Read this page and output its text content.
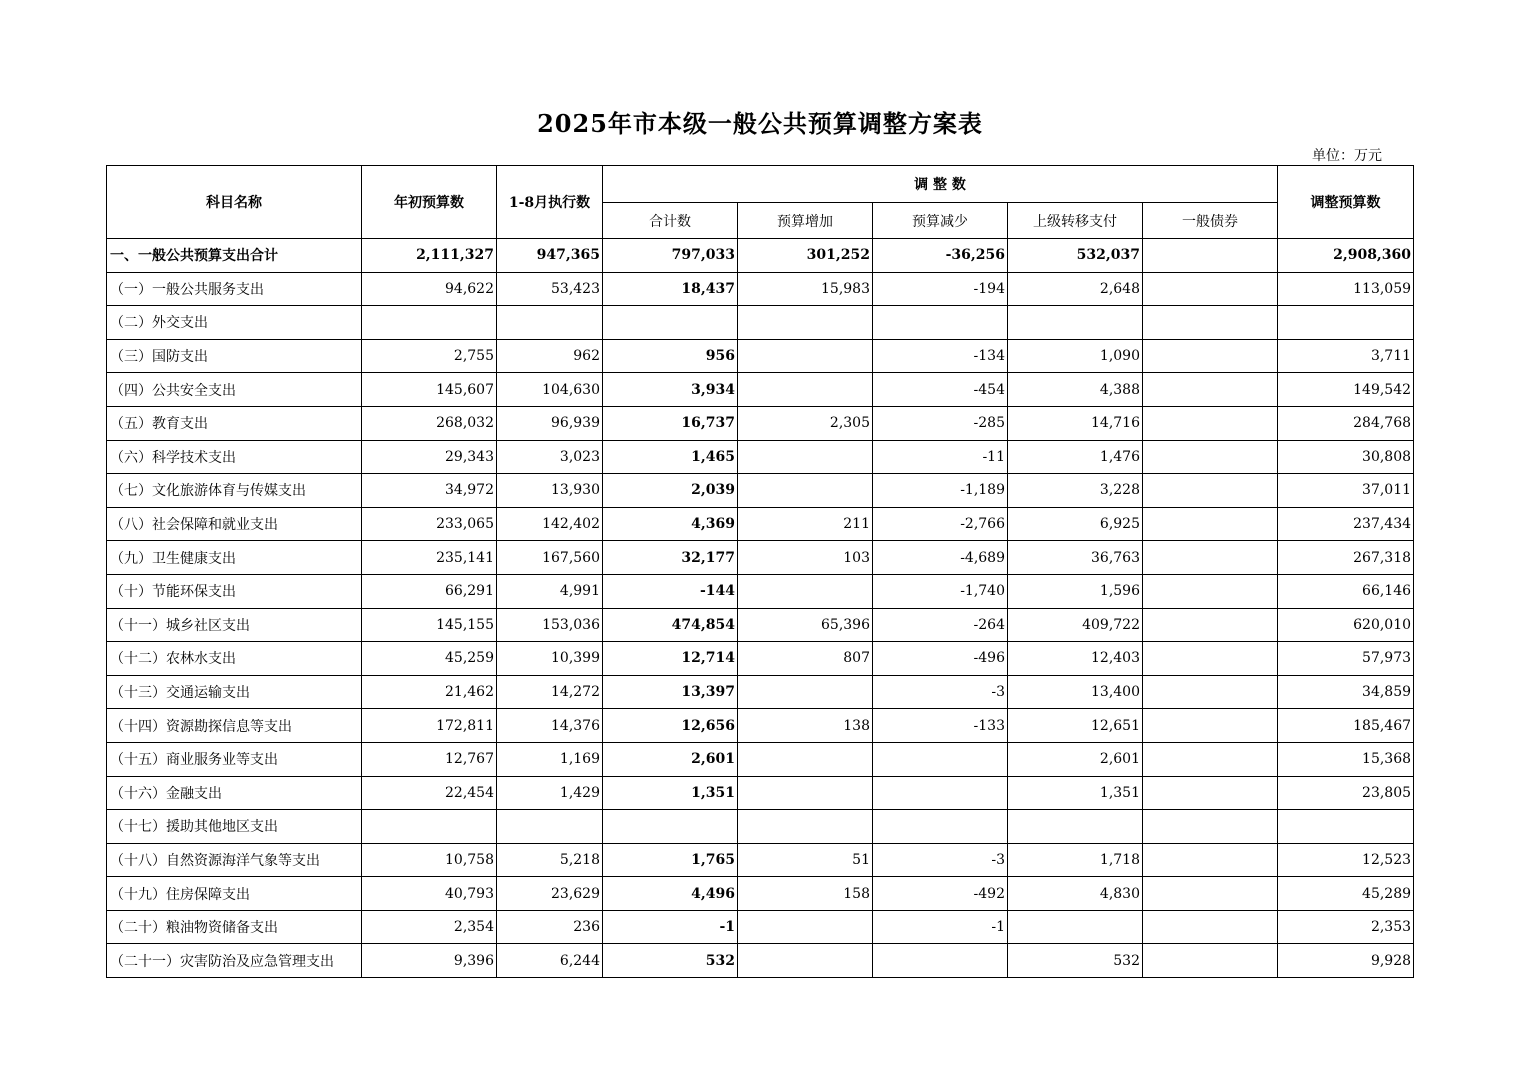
2025年市本级一般公共预算调整方案表
单位：万元
科目名称	年初预算数	1-8月执行数	调 整 数					调整预算数
			合计数	预算增加	预算减少	上级转移支付	一般债券	
一、一般公共预算支出合计	2,111,327	947,365	797,033	301,252	-36,256	532,037		2,908,360
（一）一般公共服务支出	94,622	53,423	18,437	15,983	-194	2,648		113,059
（二）外交支出								
（三）国防支出	2,755	962	956		-134	1,090		3,711
（四）公共安全支出	145,607	104,630	3,934		-454	4,388		149,542
（五）教育支出	268,032	96,939	16,737	2,305	-285	14,716		284,768
（六）科学技术支出	29,343	3,023	1,465		-11	1,476		30,808
（七）文化旅游体育与传媒支出	34,972	13,930	2,039		-1,189	3,228		37,011
（八）社会保障和就业支出	233,065	142,402	4,369	211	-2,766	6,925		237,434
（九）卫生健康支出	235,141	167,560	32,177	103	-4,689	36,763		267,318
（十）节能环保支出	66,291	4,991	-144		-1,740	1,596		66,146
（十一）城乡社区支出	145,155	153,036	474,854	65,396	-264	409,722		620,010
（十二）农林水支出	45,259	10,399	12,714	807	-496	12,403		57,973
（十三）交通运输支出	21,462	14,272	13,397		-3	13,400		34,859
（十四）资源勘探信息等支出	172,811	14,376	12,656	138	-133	12,651		185,467
（十五）商业服务业等支出	12,767	1,169	2,601			2,601		15,368
（十六）金融支出	22,454	1,429	1,351			1,351		23,805
（十七）援助其他地区支出								
（十八）自然资源海洋气象等支出	10,758	5,218	1,765	51	-3	1,718		12,523
（十九）住房保障支出	40,793	23,629	4,496	158	-492	4,830		45,289
（二十）粮油物资储备支出	2,354	236	-1		-1			2,353
（二十一）灾害防治及应急管理支出	9,396	6,244	532			532		9,928
